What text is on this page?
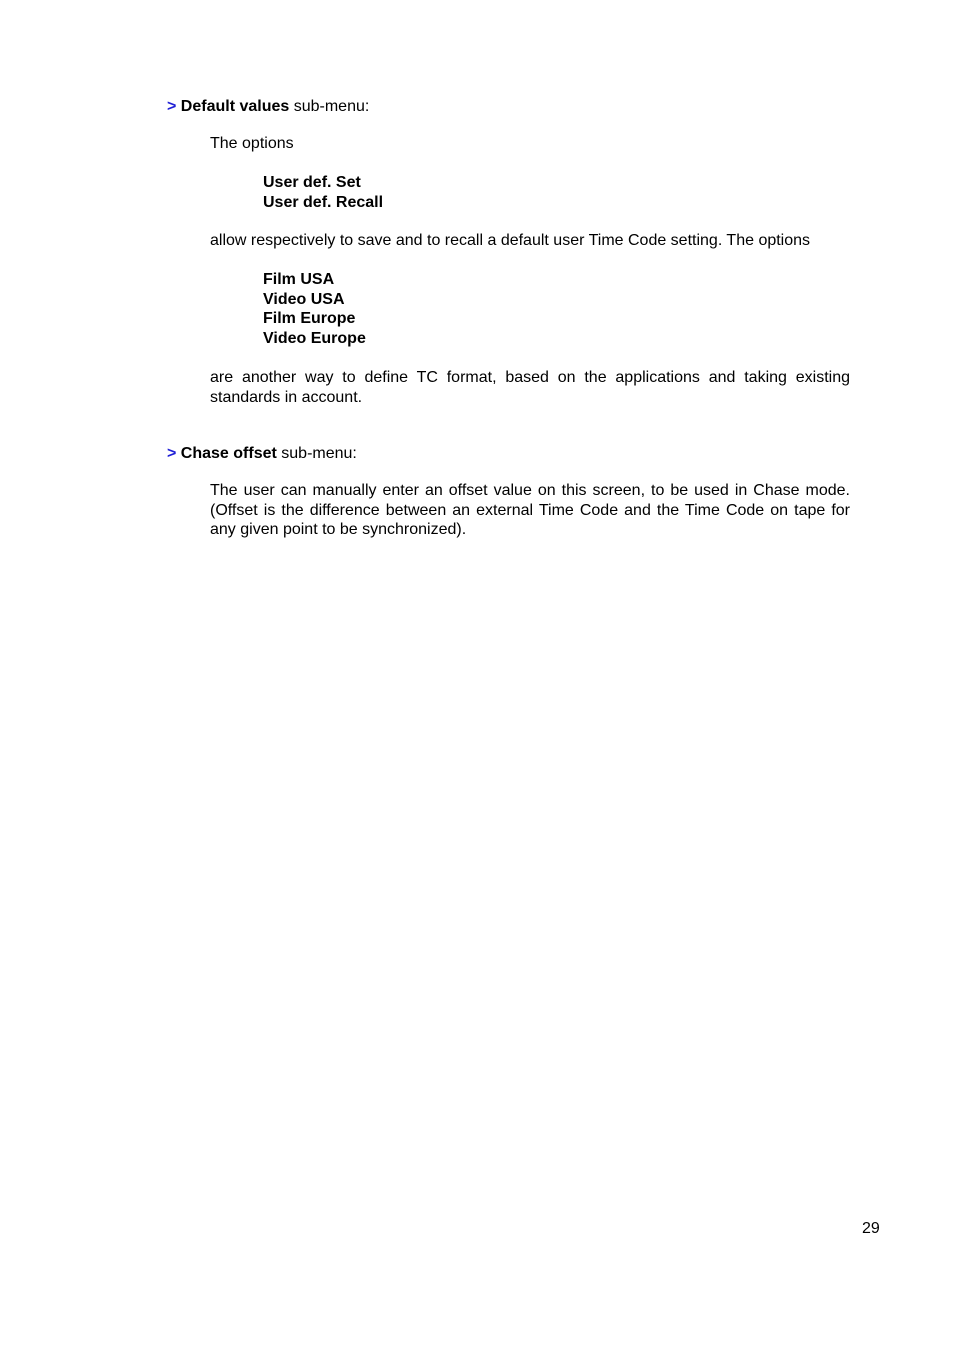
> Default values sub-menu:

The options

User def. Set
User def. Recall

allow respectively to save and to recall a default user Time Code setting. The options

Film USA
Video USA
Film Europe
Video Europe

are another way to define TC format, based on the applications and taking existing standards in account.

> Chase offset sub-menu:

The user can manually enter an offset value on this screen, to be used in Chase mode. (Offset is the difference between an external Time Code and the Time Code on tape for any given point to be synchronized).

29
